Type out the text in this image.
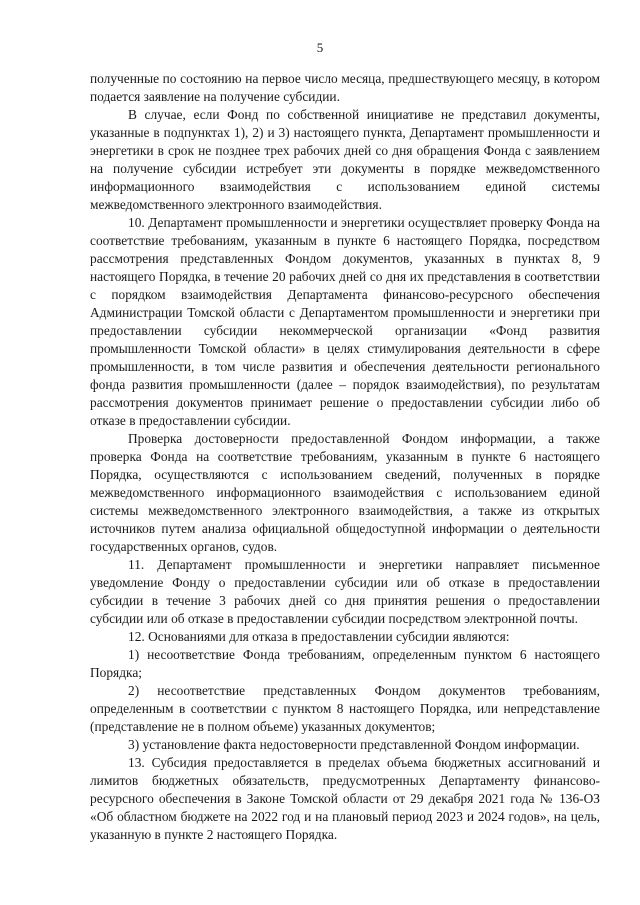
5

полученные по состоянию на первое число месяца, предшествующего месяцу, в котором подается заявление на получение субсидии.

В случае, если Фонд по собственной инициативе не представил документы, указанные в подпунктах 1), 2) и 3) настоящего пункта, Департамент промышленности и энергетики в срок не позднее трех рабочих дней со дня обращения Фонда с заявлением на получение субсидии истребует эти документы в порядке межведомственного информационного взаимодействия с использованием единой системы межведомственного электронного взаимодействия.

10. Департамент промышленности и энергетики осуществляет проверку Фонда на соответствие требованиям, указанным в пункте 6 настоящего Порядка, посредством рассмотрения представленных Фондом документов, указанных в пунктах 8, 9 настоящего Порядка, в течение 20 рабочих дней со дня их представления в соответствии с порядком взаимодействия Департамента финансово-ресурсного обеспечения Администрации Томской области с Департаментом промышленности и энергетики при предоставлении субсидии некоммерческой организации «Фонд развития промышленности Томской области» в целях стимулирования деятельности в сфере промышленности, в том числе развития и обеспечения деятельности регионального фонда развития промышленности (далее – порядок взаимодействия), по результатам рассмотрения документов принимает решение о предоставлении субсидии либо об отказе в предоставлении субсидии.

Проверка достоверности предоставленной Фондом информации, а также проверка Фонда на соответствие требованиям, указанным в пункте 6 настоящего Порядка, осуществляются с использованием сведений, полученных в порядке межведомственного информационного взаимодействия с использованием единой системы межведомственного электронного взаимодействия, а также из открытых источников путем анализа официальной общедоступной информации о деятельности государственных органов, судов.

11. Департамент промышленности и энергетики направляет письменное уведомление Фонду о предоставлении субсидии или об отказе в предоставлении субсидии в течение 3 рабочих дней со дня принятия решения о предоставлении субсидии или об отказе в предоставлении субсидии посредством электронной почты.

12. Основаниями для отказа в предоставлении субсидии являются:

1) несоответствие Фонда требованиям, определенным пунктом 6 настоящего Порядка;

2) несоответствие представленных Фондом документов требованиям, определенным в соответствии с пунктом 8 настоящего Порядка, или непредставление (представление не в полном объеме) указанных документов;

3) установление факта недостоверности представленной Фондом информации.

13. Субсидия предоставляется в пределах объема бюджетных ассигнований и лимитов бюджетных обязательств, предусмотренных Департаменту финансово-ресурсного обеспечения в Законе Томской области от 29 декабря 2021 года № 136-ОЗ «Об областном бюджете на 2022 год и на плановый период 2023 и 2024 годов», на цель, указанную в пункте 2 настоящего Порядка.
